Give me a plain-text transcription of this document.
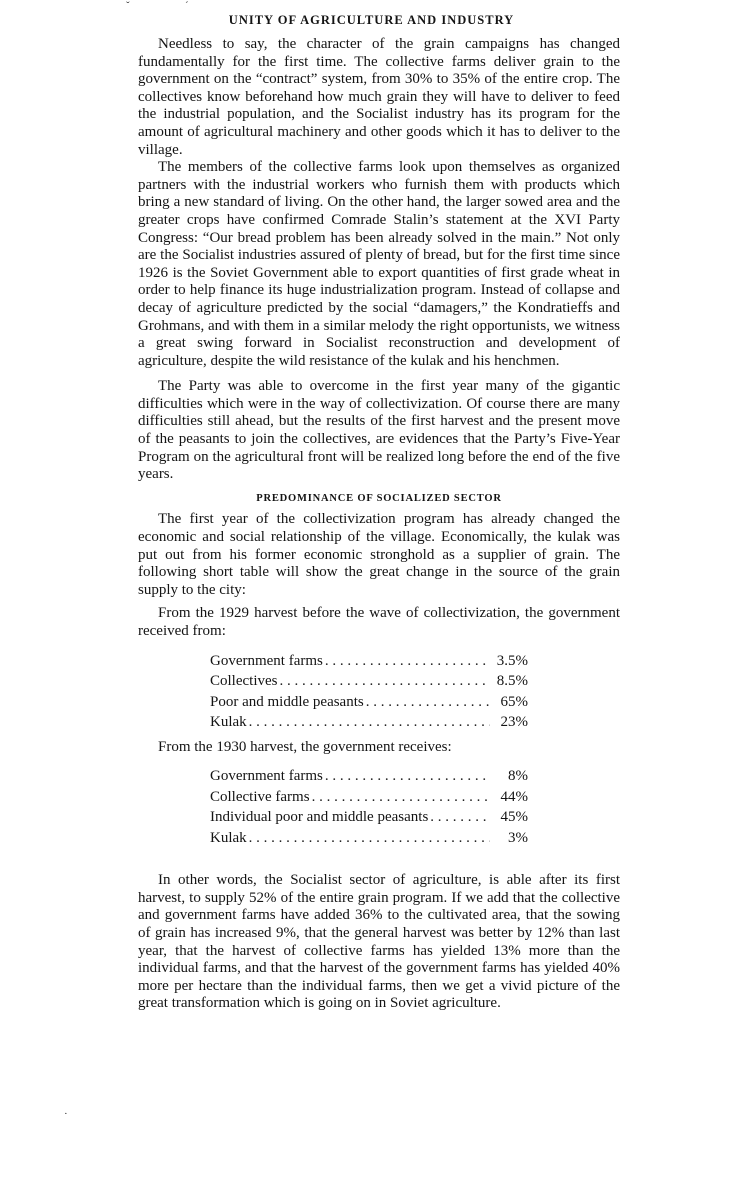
ˇ	ˊ
·
UNITY OF AGRICULTURE AND INDUSTRY

Needless to say, the character of the grain campaigns has changed fundamentally for the first time. The collective farms deliver grain to the government on the “contract” system, from 30% to 35% of the entire crop. The collectives know beforehand how much grain they will have to deliver to feed the industrial population, and the Socialist industry has its program for the amount of agricultural machinery and other goods which it has to deliver to the village.

The members of the collective farms look upon themselves as organized partners with the industrial workers who furnish them with products which bring a new standard of living. On the other hand, the larger sowed area and the greater crops have confirmed Comrade Stalin’s statement at the XVI Party Congress: “Our bread problem has been already solved in the main.” Not only are the Socialist industries assured of plenty of bread, but for the first time since 1926 is the Soviet Government able to export quantities of first grade wheat in order to help finance its huge industrialization program. Instead of collapse and decay of agriculture predicted by the social “damagers,” the Kondratieffs and Grohmans, and with them in a similar melody the right opportunists, we witness a great swing forward in Socialist reconstruction and development of agriculture, despite the wild resistance of the kulak and his henchmen.

The Party was able to overcome in the first year many of the gigantic difficulties which were in the way of collectivization. Of course there are many difficulties still ahead, but the results of the first harvest and the present move of the peasants to join the collectives, are evidences that the Party’s Five-Year Program on the agricultural front will be realized long before the end of the five years.

PREDOMINANCE OF SOCIALIZED SECTOR

The first year of the collectivization program has already changed the economic and social relationship of the village. Economically, the kulak was put out from his former economic stronghold as a supplier of grain. The following short table will show the great change in the source of the grain supply to the city:

From the 1929 harvest before the wave of collectivization, the government received from:

Government farms . . .	3.5%
Collectives . . .	8.5%
Poor and middle peasants . . .	65%
Kulak . . .	23%

From the 1930 harvest, the government receives:

Government farms . . .	8%
Collective farms . . .	44%
Individual poor and middle peasants . . .	45%
Kulak . . .	3%

In other words, the Socialist sector of agriculture, is able after its first harvest, to supply 52% of the entire grain program. If we add that the collective and government farms have added 36% to the cultivated area, that the sowing of grain has increased 9%, that the general harvest was better by 12% than last year, that the harvest of collective farms has yielded 13% more than the individual farms, and that the harvest of the government farms has yielded 40% more per hectare than the individual farms, then we get a vivid picture of the great transformation which is going on in Soviet agriculture.
